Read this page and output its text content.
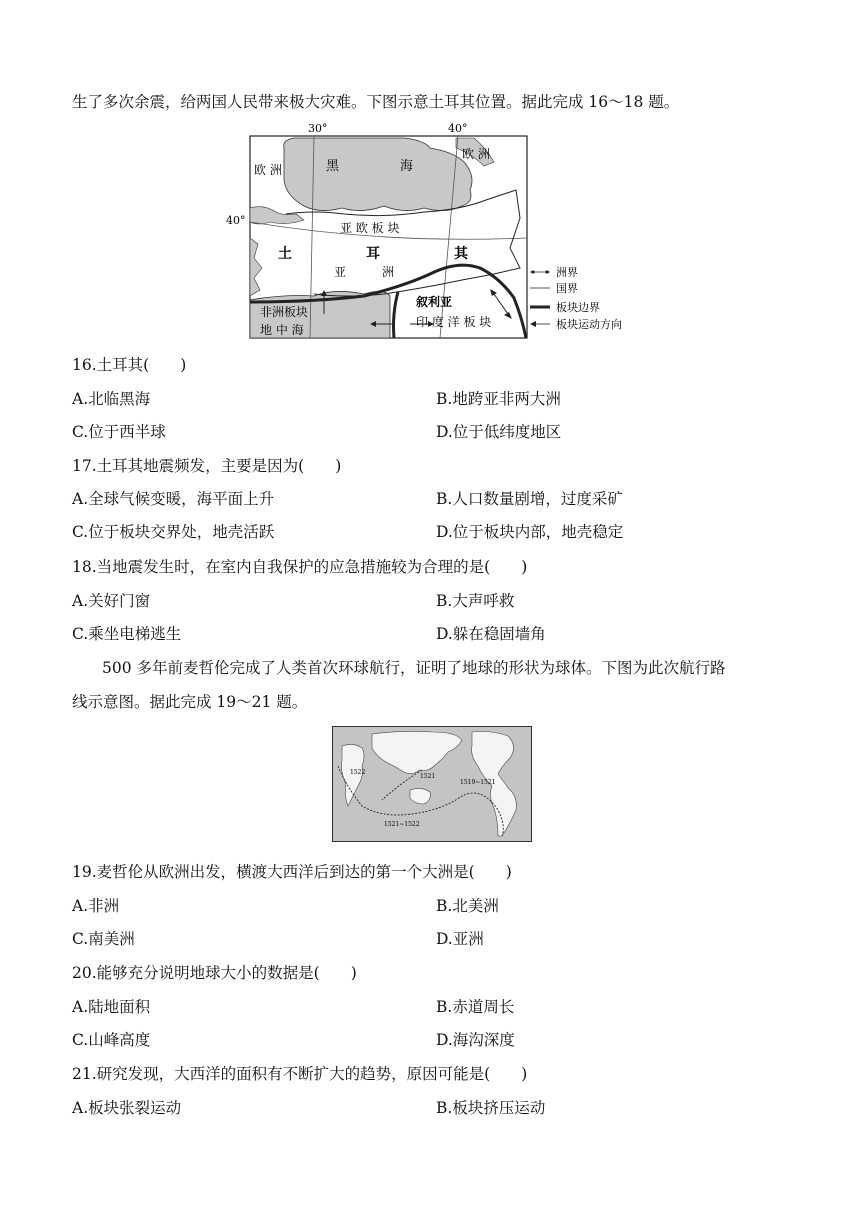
生了多次余震，给两国人民带来极大灾难。下图示意土耳其位置。据此完成 16～18 题。
30°	40°
40°
黑	海
欧 洲
欧 洲
亚 欧 板 块
土	耳	其
亚	洲
非洲板块
地 中 海
叙利亚
印 度 洋 板 块
洲界
国界
板块边界
板块运动方向
16.土耳其(　　)
A.北临黑海	B.地跨亚非两大洲
C.位于西半球	D.位于低纬度地区
17.土耳其地震频发，主要是因为(　　)
A.全球气候变暖，海平面上升	B.人口数量剧增，过度采矿
C.位于板块交界处，地壳活跃	D.位于板块内部，地壳稳定
18.当地震发生时，在室内自我保护的应急措施较为合理的是(　　)
A.关好门窗	B.大声呼救
C.乘坐电梯逃生	D.躲在稳固墙角
500 多年前麦哲伦完成了人类首次环球航行，证明了地球的形状为球体。下图为此次航行路
线示意图。据此完成 19～21 题。
1519~1521
1521
1522
1521~1522
19.麦哲伦从欧洲出发，横渡大西洋后到达的第一个大洲是(　　)
A.非洲	B.北美洲
C.南美洲	D.亚洲
20.能够充分说明地球大小的数据是(　　)
A.陆地面积	B.赤道周长
C.山峰高度	D.海沟深度
21.研究发现，大西洋的面积有不断扩大的趋势，原因可能是(　　)
A.板块张裂运动	B.板块挤压运动
